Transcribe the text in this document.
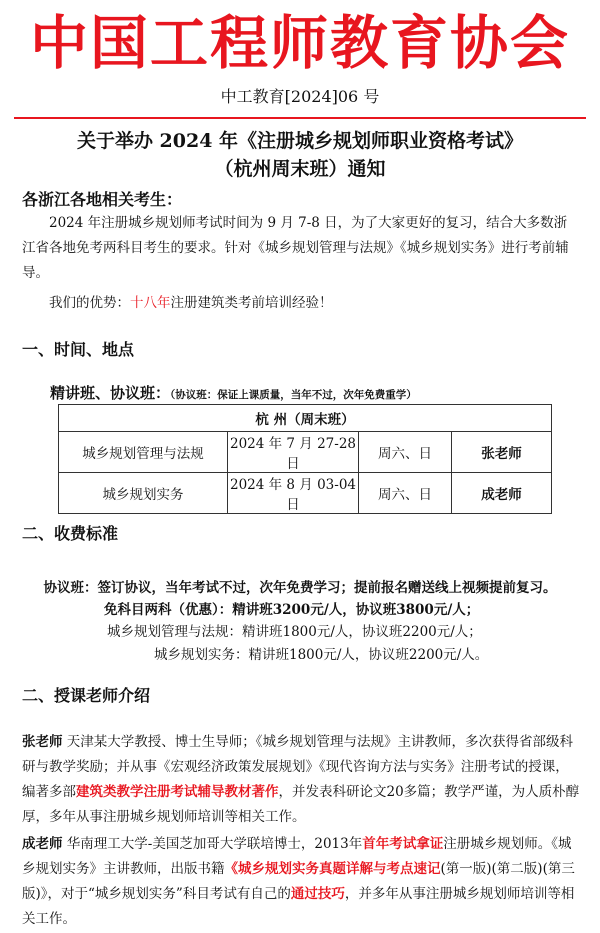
中国工程师教育协会
中工教育[2024]06 号
关于举办 2024 年《注册城乡规划师职业资格考试》
（杭州周末班）通知
各浙江各地相关考生：
2024 年注册城乡规划师考试时间为 9 月 7-8 日，为了大家更好的复习，结合大多数浙江省各地免考两科目考生的要求。针对《城乡规划管理与法规》《城乡规划实务》进行考前辅导。
我们的优势：十八年注册建筑类考前培训经验！
一、时间、地点
精讲班、协议班：（协议班：保证上课质量，当年不过，次年免费重学）
杭 州（周末班）			
城乡规划管理与法规	2024 年 7 月 27-28 日	周六、日	张老师
城乡规划实务	2024 年 8 月 03-04 日	周六、日	成老师
二、收费标准
协议班：签订协议，当年考试不过，次年免费学习；提前报名赠送线上视频提前复习。
免科目两科（优惠）：精讲班3200元/人，协议班3800元/人；
城乡规划管理与法规：精讲班1800元/人，协议班2200元/人；
城乡规划实务：精讲班1800元/人，协议班2200元/人。
二、授课老师介绍
张老师 天津某大学教授、博士生导师；《城乡规划管理与法规》主讲教师，多次获得省部级科研与教学奖励；并从事《宏观经济政策发展规划》《现代咨询方法与实务》注册考试的授课，编著多部建筑类教学注册考试辅导教材著作，并发表科研论文20多篇；教学严谨，为人质朴醇厚，多年从事注册城乡规划师培训等相关工作。
成老师 华南理工大学-美国芝加哥大学联培博士，2013年首年考试拿证注册城乡规划师。《城乡规划实务》主讲教师，出版书籍《城乡规划实务真题详解与考点速记(第一版)(第二版)(第三版)》，对于“城乡规划实务”科目考试有自己的通过技巧，并多年从事注册城乡规划师培训等相关工作。
